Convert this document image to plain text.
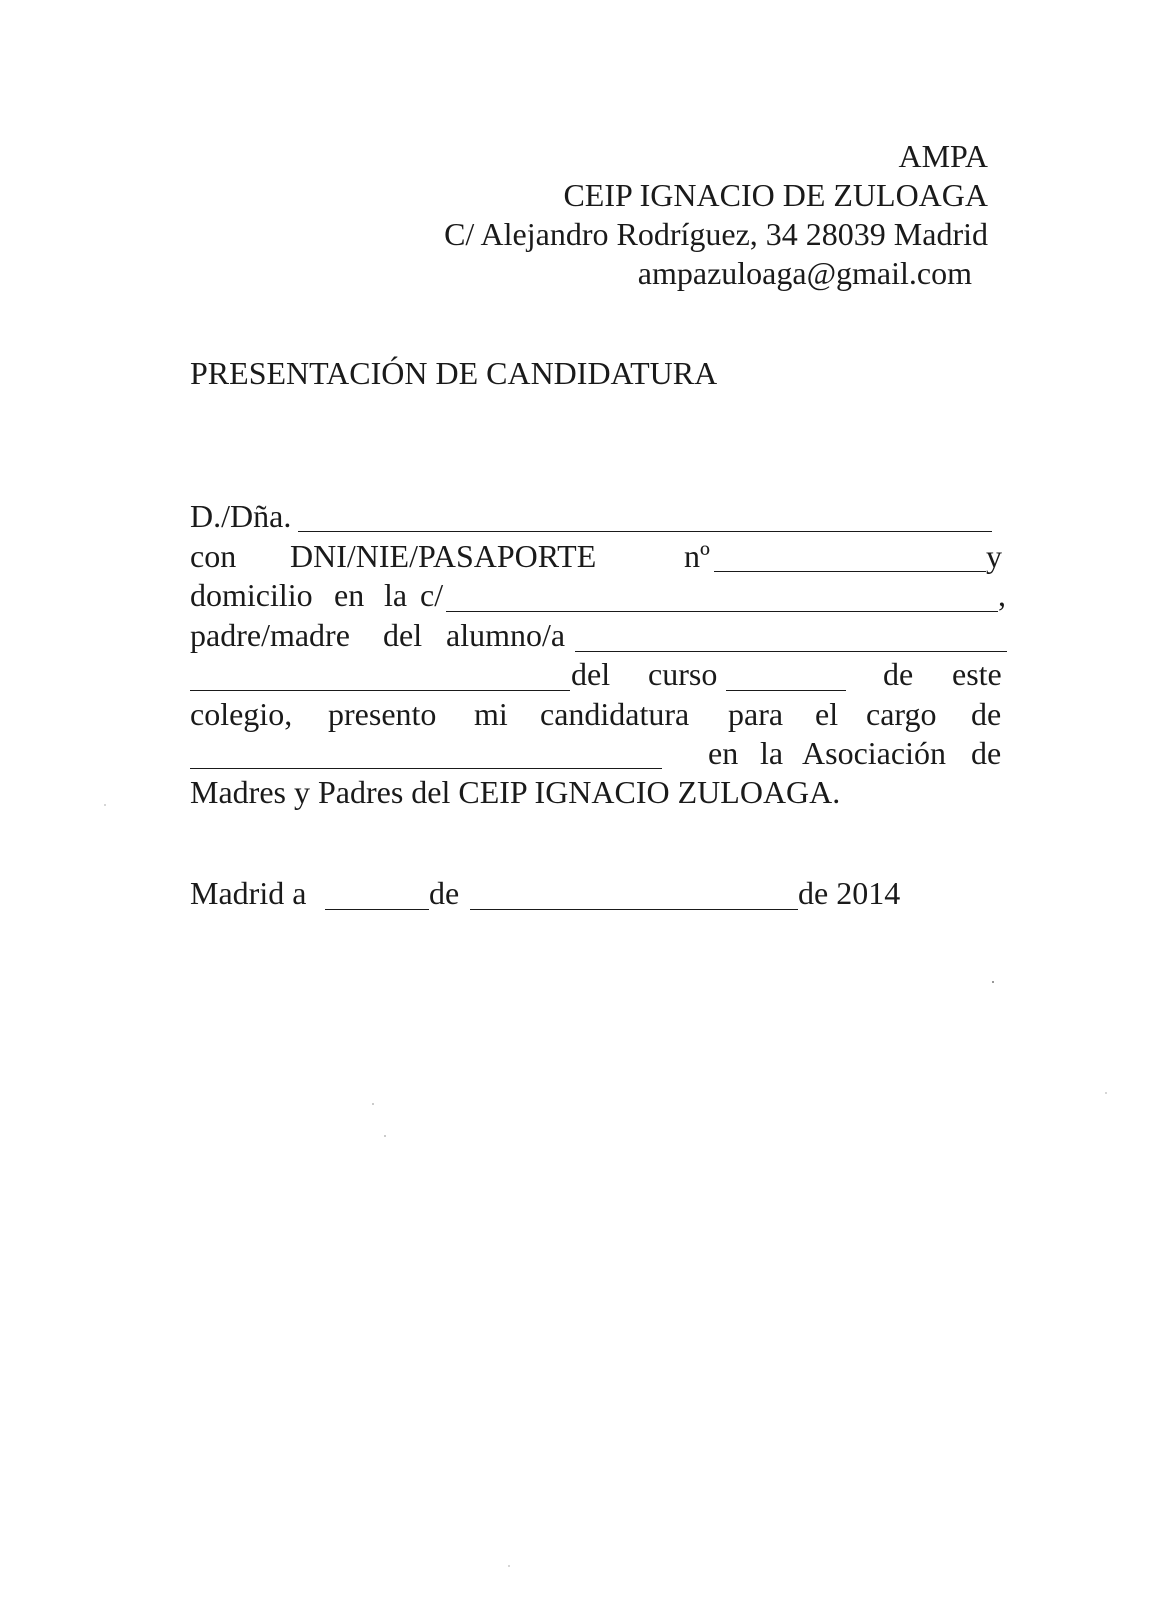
AMPA
CEIP IGNACIO DE ZULOAGA
C/ Alejandro Rodríguez, 34 28039 Madrid
ampazuloaga@gmail.com
PRESENTACIÓN DE CANDIDATURA
D./Dña.
con DNI/NIE/PASAPORTE	nº	y
domicilio en la c/	,
padre/madre del alumno/a
del curso	de este
colegio, presento mi candidatura para el cargo de
en la Asociación de
Madres y Padres del CEIP IGNACIO ZULOAGA.
Madrid a	de	de 2014
